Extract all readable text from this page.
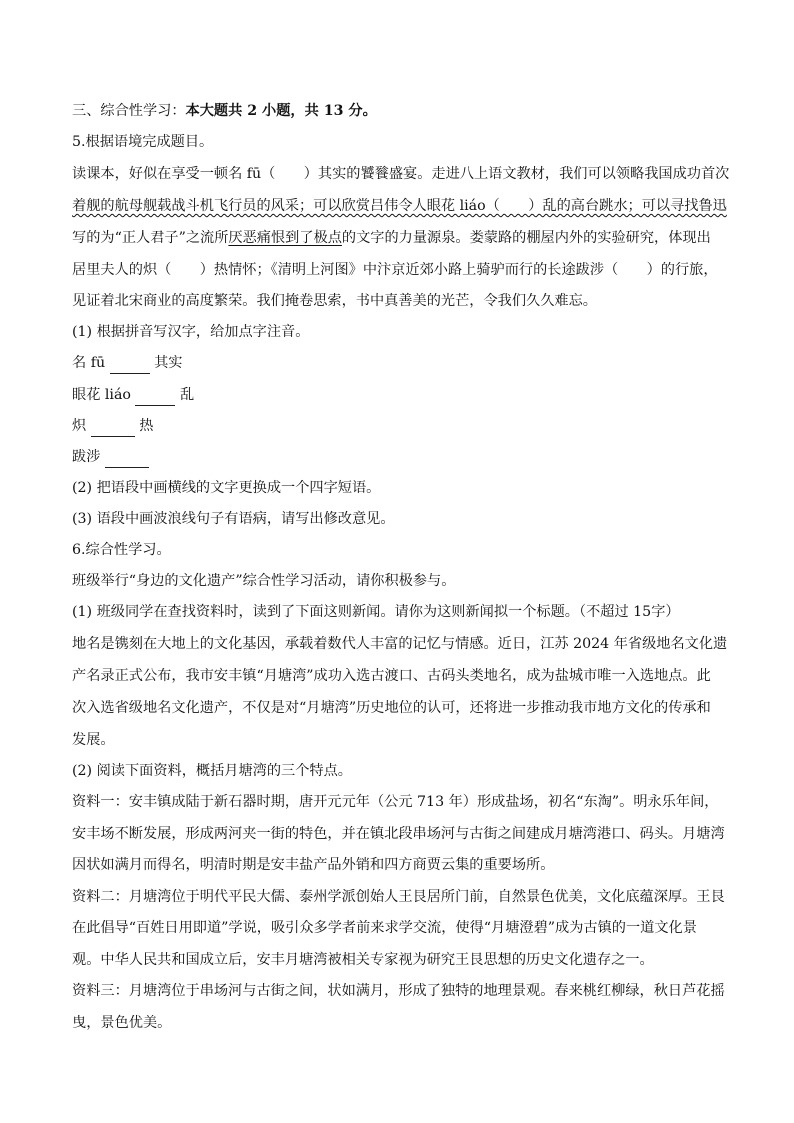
三、综合性学习：本大题共 2 小题，共 13 分。
5.根据语境完成题目。
读课本，好似在享受一顿名 fū（　　）其实的饕餮盛宴。走进八上语文教材，我们可以领略我国成功首次
着舰的航母舰载战斗机飞行员的风采；可以欣赏吕伟令人眼花 liáo（　　）乱的高台跳水；可以寻找鲁迅
写的为“正人君子”之流所厌恶痛恨到了极点的文字的力量源泉。娄蒙路的棚屋内外的实验研究，体现出
居里夫人的炽（　　）热情怀；《清明上河图》中汴京近郊小路上骑驴而行的长途跋涉（　　）的行旅，
见证着北宋商业的高度繁荣。我们掩卷思索，书中真善美的光芒，令我们久久难忘。
(1) 根据拼音写汉字，给加点字注音。
名 fū	其实
眼花 liáo	乱
炽	热
跋涉
(2) 把语段中画横线的文字更换成一个四字短语。
(3) 语段中画波浪线句子有语病，请写出修改意见。
6.综合性学习。
班级举行“身边的文化遗产”综合性学习活动，请你积极参与。
(1) 班级同学在查找资料时，读到了下面这则新闻。请你为这则新闻拟一个标题。（不超过 15字）
地名是镌刻在大地上的文化基因，承载着数代人丰富的记忆与情感。近日，江苏 2024 年省级地名文化遗
产名录正式公布，我市安丰镇“月塘湾”成功入选古渡口、古码头类地名，成为盐城市唯一入选地点。此
次入选省级地名文化遗产，不仅是对“月塘湾”历史地位的认可，还将进一步推动我市地方文化的传承和
发展。
(2) 阅读下面资料，概括月塘湾的三个特点。
资料一：安丰镇成陆于新石器时期，唐开元元年（公元 713 年）形成盐场，初名“东淘”。明永乐年间，
安丰场不断发展，形成两河夹一街的特色，并在镇北段串场河与古街之间建成月塘湾港口、码头。月塘湾
因状如满月而得名，明清时期是安丰盐产品外销和四方商贾云集的重要场所。
资料二：月塘湾位于明代平民大儒、泰州学派创始人王艮居所门前，自然景色优美，文化底蕴深厚。王艮
在此倡导“百姓日用即道”学说，吸引众多学者前来求学交流，使得“月塘澄碧”成为古镇的一道文化景
观。中华人民共和国成立后，安丰月塘湾被相关专家视为研究王艮思想的历史文化遗存之一。
资料三：月塘湾位于串场河与古街之间，状如满月，形成了独特的地理景观。春来桃红柳绿，秋日芦花摇
曳，景色优美。
